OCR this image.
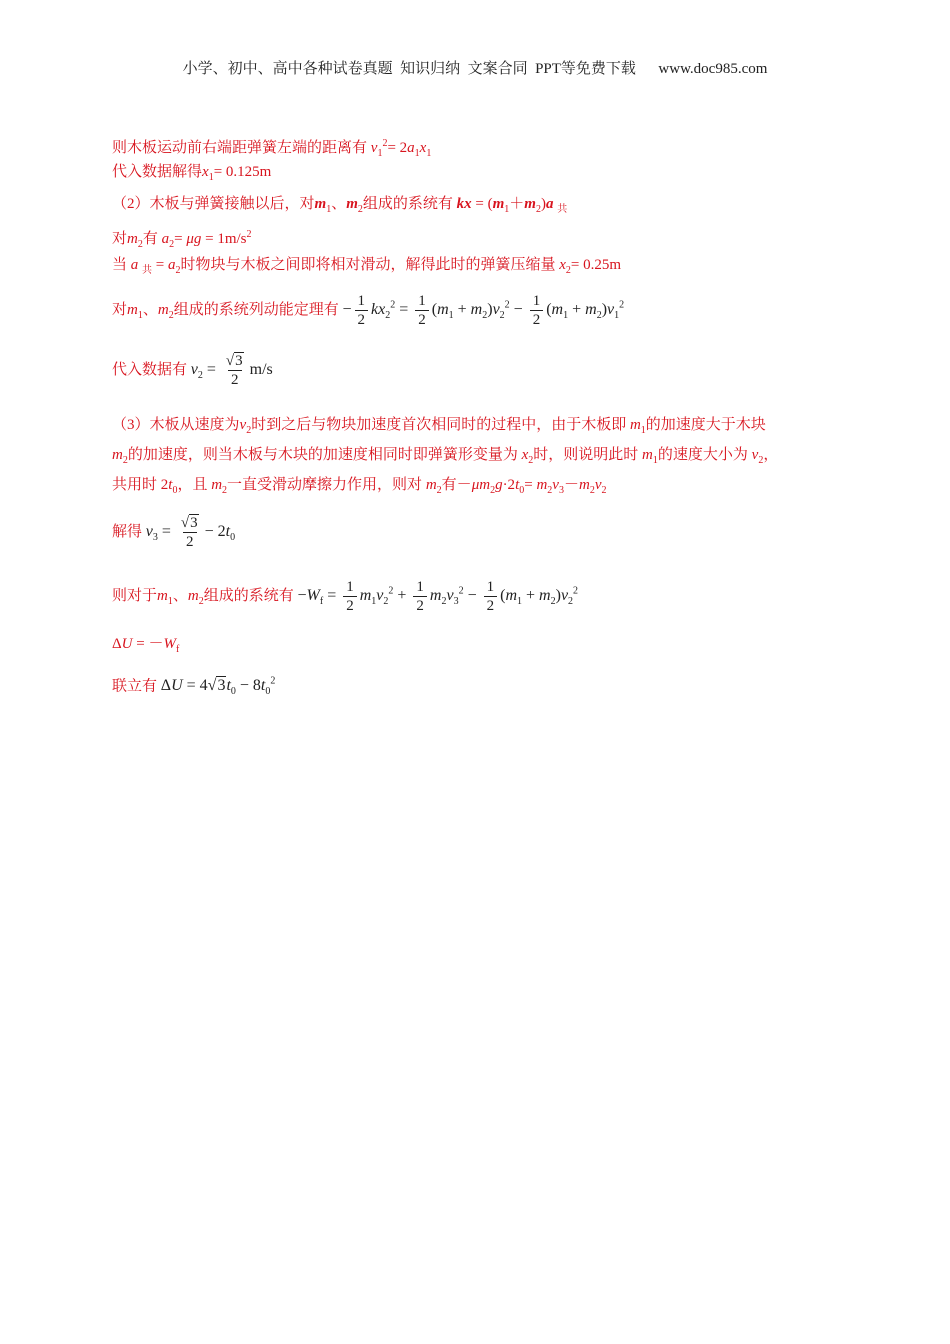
小学、初中、高中各种试卷真题  知识归纳  文案合同  PPT等免费下载      www.doc985.com
则木板运动前右端距弹簧左端的距离有 $v_1^2= 2a_1x_1$
代入数据解得$x_1= 0.125m$
（2）木板与弹簧接触以后，对$m_1$、$m_2$组成的系统有 kx = $(m_1+m_2)a$ $_共$
对$m_2$有 $a_2= \mu g = 1m/s^2$
当 a $_共 = a_2$时物块与木板之间即将相对滑动，解得此时的弹簧压缩量 $x_2= 0.25m$
对$m_1$、$m_2$组成的系统列动能定理有 − $\frac{1}{2} kx_2^2 = \frac{1}{2} (m_1 + m_2)v_2^2 - \frac{1}{2} (m_1 + m_2)v_1^2$
代入数据有 $v_2 = \frac{√3}{2} m/s$
（3）木板从速度为$v_2$时到之后与物块加速度首次相同时的过程中，由于木板即 $m_1$的加速度大于木块
$m_2$的加速度，则当木板与木块的加速度相同时即弹簧形变量为 $x_2$时，则说明此时 $m_1$的速度大小为 $v_2$，
共用时 $2t_0$，且 $m_2$一直受滑动摩擦力作用，则对 $m_2$有$-\mu m_2g\cdot 2t_0= m_2v_3-m_2v_2$
解得 $v_3 = \frac{√3}{2} - 2t_0$
则对于$m_1$、$m_2$组成的系统有 $-W_f = \frac{1}{2} m_1v_2^2 + \frac{1}{2} m_2v_3^2 - \frac{1}{2} (m_1 + m_2)v_2^2$
$\Delta U = -W_f$
联立有 $\Delta U = 4√3t_0 - 8t_0^2$
